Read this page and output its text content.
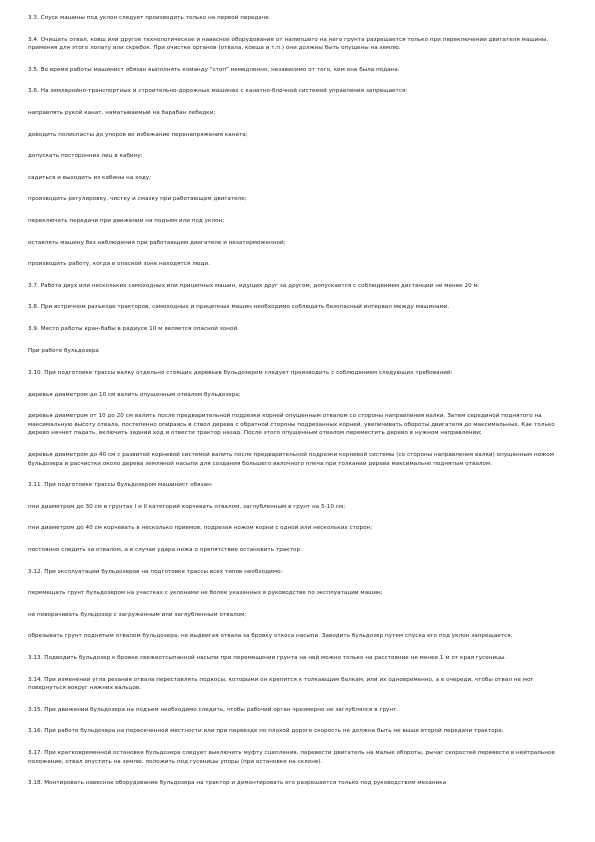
3.3. Спуск машины под уклон следует производить только на первой передаче.

3.4. Очищать отвал, ковш или другое технологическое и навесное оборудование от налипшего на него грунта разрешается только при переключении двигателя машины, применяя для этого лопату или скребок. При очистке органов (отвала, ковша и т.п.) они должны быть опущены на землю.

3.5. Во время работы машинист обязан выполнять команду "стоп" немедленно, независимо от того, кем она была подана.

3.6. На землеройно-транспортных и строительно-дорожных машинах с канатно-блочной системой управления запрещается:

направлять рукой канат, наматываемый на барабан лебедки;

доводить полиспасты до упоров во избежание перенапряжения каната;

допускать посторонних лиц в кабину;

садиться и выходить из кабины на ходу;

производить регулировку, чистку и смазку при работающем двигателе;

переключать передачи при движении на подъем или под уклон;

оставлять машину без наблюдения при работающем двигателе и незаторможенной;

производить работу, когда в опасной зоне находятся люди.

3.7. Работа двух или нескольких самоходных или прицепных машин, идущих друг за другом, допускается с соблюдением дистанции не менее 20 м.

3.8. При встречном разъезде тракторов, самоходных и прицепных машин необходимо соблюдать безопасный интервал между машинами.

3.9. Место работы кран-бабы в радиусе 10 м является опасной зоной.

При работе бульдозера

3.10. При подготовке трассы валку отдельно стоящих деревьев бульдозером следует производить с соблюдением следующих требований:

деревья диаметром до 10 см валить опущенным отвалом бульдозера;

деревья диаметром от 10 до 20 см валить после предварительной подрезки корней опущенным отвалом со стороны направления валки. Затем серединой поднятого на максимальную высоту отвала, постепенно опираясь в ствол дерева с обратной стороны подрезанных корней, увеличивать обороты двигателя до максимальных. Как только дерево начнет падать, включить задний ход и отвести трактор назад. После этого опущенным отвалом переместить дерево в нужном направлении;

деревья диаметром до 40 см с развитой корневой системой валить после предварительной подрезки корневой системы (со стороны направления валки) опущенным ножом бульдозера и расчистки около дерева земляной насыпи для создания большего валочного плеча при толкании дерева максимально поднятым отвалом.

3.11. При подготовке трассы бульдозером машинист обязан:

пни диаметром до 30 см в грунтах I и II категорий корчевать отвалом, заглубленным в грунт на 5-10 см;

пни диаметром до 40 см корчевать в несколько приемов, подрезая ножом корни с одной или нескольких сторон;

постоянно следить за отвалом, а в случае удара ножа о препятствие остановить трактор.

3.12. При эксплуатации бульдозеров на подготовке трассы всех типов необходимо:

перемещать грунт бульдозером на участках с уклонами не более указанных в руководстве по эксплуатации машин;

не поворачивать бульдозер с загруженным или заглубленным отвалом;

обрезывать грунт поднятым отвалом бульдозера, не выдвигая отвала за бровку откоса насыпи. Заводить бульдозер путем спуска его под уклон запрещается.

3.13. Подводить бульдозер к бровке свежеотсыпанной насыпи при перемещении грунта на ней можно только на расстояние не менее 1 м от края гусеницы.

3.14. При изменении угла резания отвала переставлять подкосы, которыми он крепится к толкающим балкам, или их одновременно, а в очереди, чтобы отвал не мог повернуться вокруг нижних вальцов.

3.15. При движении бульдозера на подъем необходимо следить, чтобы рабочий орган чрезмерно не заглублялся в грунт.

3.16. При работе бульдозера на пересеченной местности или при переезде по плохой дороге скорость не должна быть не выше второй передачи трактора.

3.17. При кратковременной остановке бульдозера следует выключить муфту сцепления, перевести двигатель на малые обороты, рычаг скоростей перевести в нейтральное положение, отвал опустить на землю, положить под гусеницы упоры (при остановке на склоне).

3.18. Монтировать навесное оборудование бульдозера на трактор и демонтировать его разрешается только под руководством механика
